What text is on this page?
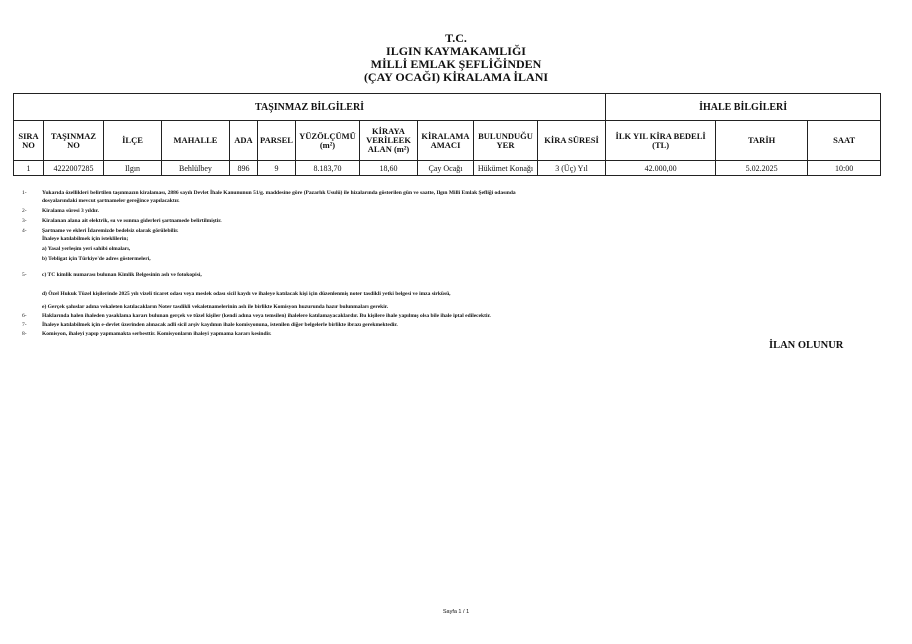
T.C.
ILGIN KAYMAKAMLIĞI
MİLLİ EMLAK ŞEFLİĞİNDEN
(ÇAY OCAĞI) KİRALAMA İLANI
TAŞINMAZ BİLGİLERİ											İHALE BİLGİLERİ		
SIRA NO	TAŞINMAZ NO	İLÇE	MAHALLE	ADA	PARSEL	YÜZÖLÇÜMÜ (m²)	KİRAYA VERİLEEK ALAN (m²)	KİRALAMA AMACI	BULUNDUĞU YER	KİRA SÜRESİ	İLK YIL KİRA BEDELİ (TL)	TARİH	SAAT
1	4222007285	Ilgın	Behlülbey	896	9	8.183,70	18,60	Çay Ocağı	Hükümet Konağı	3 (Üç) Yıl	42.000,00	5.02.2025	10:00
1-	Yukarıda özellikleri belirtilen taşınmazın kiralaması, 2886 sayılı Devlet İhale Kanununun 51/g. maddesine göre (Pazarlık Usulü) ile hizalarında gösterilen gün ve saatte, Ilgın Milli Emlak Şefliği odasında
dosyalarındaki mevcut şartnameler gereğince yapılacaktır.
2-	Kiralama süresi 3 yıldır.
3-	Kiralanan alana ait elektrik, su ve ısınma giderleri şartnamede belirtilmiştir.
4-	Şartname ve ekleri İdaremizde bedelsiz olarak görülebilir.
İhaleye katılabilmek için isteklilerin;
a) Yasal yerleşim yeri sahibi olmaları,
b) Tebligat için Türkiye'de adres göstermeleri,
5-	c) TC kimlik numarası bulunan Kimlik Belgesinin aslı ve fotokopisi,
d) Özel Hukuk Tüzel kişilerinde 2025 yılı vizeli ticaret odası veya meslek odası sicil kaydı ve ihaleye katılacak kişi için düzenlenmiş noter tasdikli yetki belgesi ve imza sirküsü,
e) Gerçek şahıslar adına vekaleten katılacakların Noter tasdikli vekaletnamelerinin aslı ile birlikte Komisyon huzurunda hazır bulunmaları gerekir.
6-	Haklarında halen ihaleden yasaklama kararı bulunan gerçek ve tüzel kişiler (kendi adına veya temsilen) ihalelere katılamayacaklardır. Bu kişilere ihale yapılmış olsa bile ihale iptal edilecektir.
7-	İhaleye katılabilmek için e-devlet üzerinden alınacak adli sicil arşiv kaydının ihale komisyonuna, istenilen diğer belgelerle birlikte ibrazı gerekmektedir.
8-	Komisyon, ihaleyi yapıp yapmamakta serbesttir. Komisyonların ihaleyi yapmama kararı kesindir.
İLAN OLUNUR
Sayfa 1 / 1
